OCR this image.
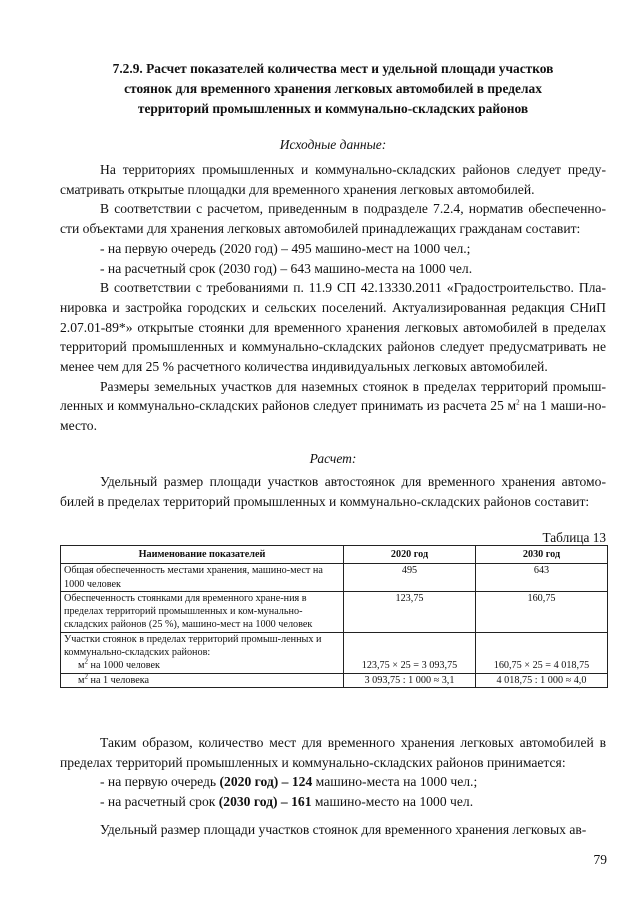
7.2.9. Расчет показателей количества мест и удельной площади участков
стоянок для временного хранения легковых автомобилей в пределах
территорий промышленных и коммунально-складских районов
Исходные данные:

На территориях промышленных и коммунально-складских районов следует преду-сматривать открытые площадки для временного хранения легковых автомобилей.

В соответствии с расчетом, приведенным в подразделе 7.2.4, норматив обеспеченно-сти объектами для хранения легковых автомобилей принадлежащих гражданам составит:

- на первую очередь (2020 год) – 495 машино-мест на 1000 чел.;

- на расчетный срок (2030 год) – 643 машино-места на 1000 чел.

В соответствии с требованиями п. 11.9 СП 42.13330.2011 «Градостроительство. Пла-нировка и застройка городских и сельских поселений. Актуализированная редакция СНиП 2.07.01-89*» открытые стоянки для временного хранения легковых автомобилей в пределах территорий промышленных и коммунально-складских районов следует предусматривать не менее чем для 25 % расчетного количества индивидуальных легковых автомобилей.

Размеры земельных участков для наземных стоянок в пределах территорий промыш-ленных и коммунально-складских районов следует принимать из расчета 25 $м^2$ на 1 маши-но-место.

Расчет:

Удельный размер площади участков автостоянок для временного хранения автомо-билей в пределах территорий промышленных и коммунально-складских районов составит:

Таблица 13
Наименование показателей	2020 год	2030 год
Общая обеспеченность местами хранения, машино-мест на 1000 человек	495	643
Обеспеченность стоянками для временного хране-ния в пределах территорий промышленных и ком-мунально-складских районов (25 %), машино-мест на 1000 человек	123,75	160,75
Участки стоянок в пределах территорий промыш-ленных и коммунально-складских районов:
$м^2$ на 1000 человек	123,75 × 25 = 3 093,75	160,75 × 25 = 4 018,75
$м^2$ на 1 человека	3 093,75 : 1 000 ≈ 3,1	4 018,75 : 1 000 ≈ 4,0

Таким образом, количество мест для временного хранения легковых автомобилей в пределах территорий промышленных и коммунально-складских районов принимается:

- на первую очередь (2020 год) – 124 машино-места на 1000 чел.;

- на расчетный срок (2030 год) – 161 машино-место на 1000 чел.

Удельный размер площади участков стоянок для временного хранения легковых ав-

79
